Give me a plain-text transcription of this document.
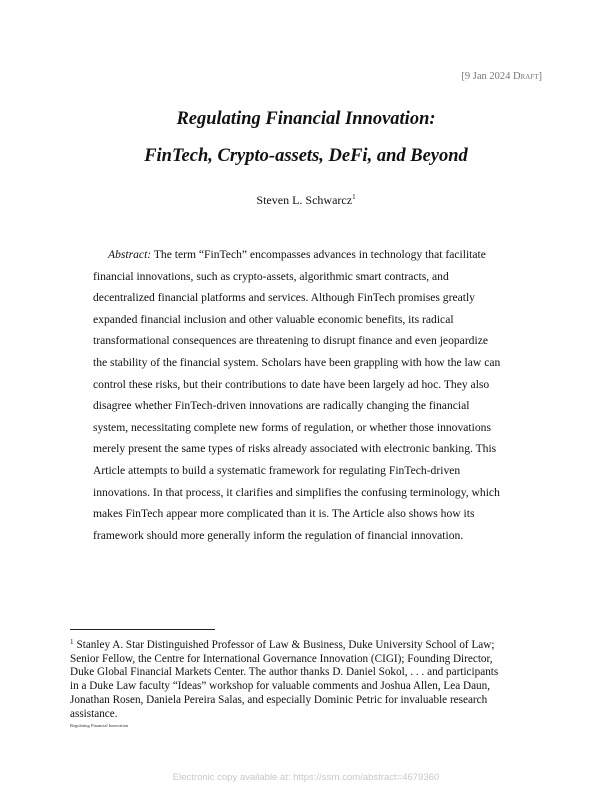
[9 Jan 2024 Draft]
Regulating Financial Innovation:
FinTech, Crypto-assets, DeFi, and Beyond
Steven L. Schwarcz$^1$
Abstract: The term “FinTech” encompasses advances in technology that facilitate
financial innovations, such as crypto-assets, algorithmic smart contracts, and
decentralized financial platforms and services. Although FinTech promises greatly
expanded financial inclusion and other valuable economic benefits, its radical
transformational consequences are threatening to disrupt finance and even jeopardize
the stability of the financial system. Scholars have been grappling with how the law can
control these risks, but their contributions to date have been largely ad hoc. They also
disagree whether FinTech-driven innovations are radically changing the financial
system, necessitating complete new forms of regulation, or whether those innovations
merely present the same types of risks already associated with electronic banking. This
Article attempts to build a systematic framework for regulating FinTech-driven
innovations. In that process, it clarifies and simplifies the confusing terminology, which
makes FinTech appear more complicated than it is. The Article also shows how its
framework should more generally inform the regulation of financial innovation.
$^1$ Stanley A. Star Distinguished Professor of Law & Business, Duke University School of Law;
Senior Fellow, the Centre for International Governance Innovation (CIGI); Founding Director,
Duke Global Financial Markets Center. The author thanks D. Daniel Sokol, . . . and participants
in a Duke Law faculty “Ideas” workshop for valuable comments and Joshua Allen, Lea Daun,
Jonathan Rosen, Daniela Pereira Salas, and especially Dominic Petric for invaluable research
assistance.
Regulating Financial Innovation
Electronic copy available at: https://ssrn.com/abstract=4679360
